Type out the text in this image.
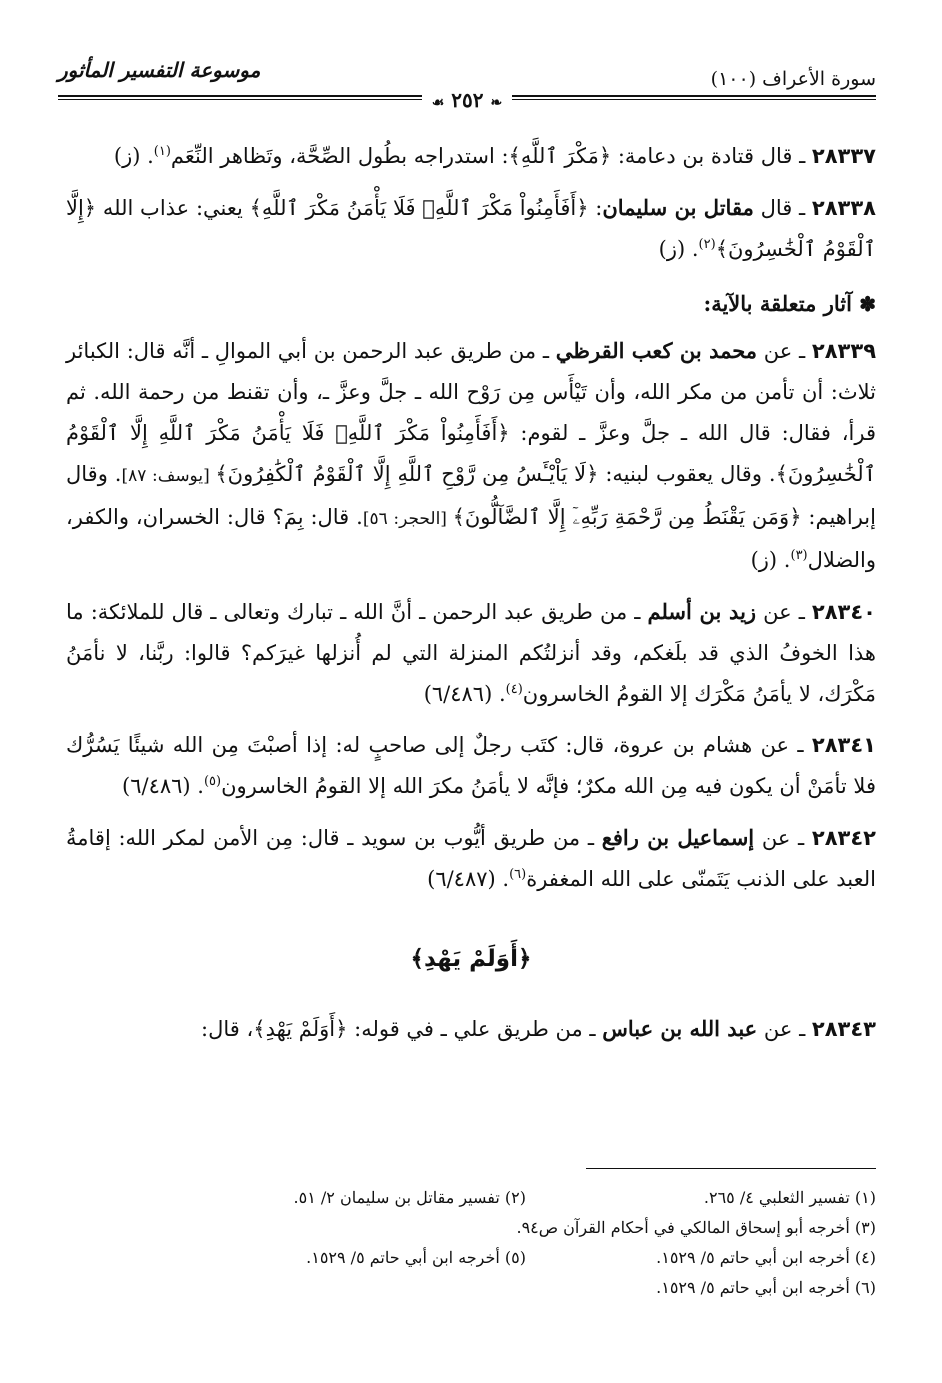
سورة الأعراف (١٠٠)
موسوعة التفسير المأثور
❧ ٢٥٢ ☙

٢٨٣٣٧ ـ قال قتادة بن دعامة: ﴿مَكْرَ ٱللَّهِ﴾: استدراجه بطُول الصِّحَّة، وتَظاهر النِّعَم$^{(١)}$. (ز)

٢٨٣٣٨ ـ قال مقاتل بن سليمان: ﴿أَفَأَمِنُواْ مَكْرَ ٱللَّهِۚ فَلَا يَأْمَنُ مَكْرَ ٱللَّهِ﴾ يعني: عذاب الله ﴿إِلَّا ٱلْقَوْمُ ٱلْخَٰسِرُونَ﴾$^{(٢)}$. (ز)

✽ آثار متعلقة بالآية:

٢٨٣٣٩ ـ عن محمد بن كعب القرظي ـ من طريق عبد الرحمن بن أبي الموالِ ـ أنَّه قال: الكبائر ثلاث: أن تأمن من مكر الله، وأن تَيْأَس مِن رَوْح الله ـ جلَّ وعزَّ ـ، وأن تقنط من رحمة الله. ثم قرأ، فقال: قال الله ـ جلَّ وعزَّ ـ لقوم: ﴿أَفَأَمِنُواْ مَكْرَ ٱللَّهِۚ فَلَا يَأْمَنُ مَكْرَ ٱللَّهِ إِلَّا ٱلْقَوْمُ ٱلْخَٰسِرُونَ﴾. وقال يعقوب لبنيه: ﴿لَا يَاْيْـَٔسُ مِن رَّوْحِ ٱللَّهِ إِلَّا ٱلْقَوْمُ ٱلْكَٰفِرُونَ﴾ [يوسف: ٨٧]. وقال إبراهيم: ﴿وَمَن يَقْنَطُ مِن رَّحْمَةِ رَبِّهِۦٓ إِلَّا ٱلضَّآلُّونَ﴾ [الحجر: ٥٦]. قال: بِمَ؟ قال: الخسران، والكفر، والضلال$^{(٣)}$. (ز)

٢٨٣٤٠ ـ عن زيد بن أسلم ـ من طريق عبد الرحمن ـ أنَّ الله ـ تبارك وتعالى ـ قال للملائكة: ما هذا الخوفُ الذي قد بلَغكم، وقد أنزلتُكم المنزلة التي لم أُنزلها غيرَكم؟ قالوا: ربَّنا، لا نأمَنُ مَكْرَك، لا يأمَنُ مَكْرَك إلا القومُ الخاسرون$^{(٤)}$. (٦/٤٨٦)

٢٨٣٤١ ـ عن هشام بن عروة، قال: كتَب رجلٌ إلى صاحبٍ له: إذا أصبْتَ مِن الله شيئًا يَسُرُّك فلا تأمَنْ أن يكون فيه مِن الله مكرٌ؛ فإنَّه لا يأمَنُ مكرَ الله إلا القومُ الخاسرون$^{(٥)}$. (٦/٤٨٦)

٢٨٣٤٢ ـ عن إسماعيل بن رافع ـ من طريق أيُّوب بن سويد ـ قال: مِن الأمن لمكر الله: إقامةُ العبد على الذنب يَتَمنّى على الله المغفرة$^{(٦)}$. (٦/٤٨٧)

﴿أَوَلَمْ يَهْدِ﴾

٢٨٣٤٣ ـ عن عبد الله بن عباس ـ من طريق علي ـ في قوله: ﴿أَوَلَمْ يَهْدِ﴾، قال:

(١) تفسير الثعلبي ٤/ ٢٦٥.
(٢) تفسير مقاتل بن سليمان ٢/ ٥١.
(٣) أخرجه أبو إسحاق المالكي في أحكام القرآن ص٩٤.
(٤) أخرجه ابن أبي حاتم ٥/ ١٥٢٩.
(٥) أخرجه ابن أبي حاتم ٥/ ١٥٢٩.
(٦) أخرجه ابن أبي حاتم ٥/ ١٥٢٩.
